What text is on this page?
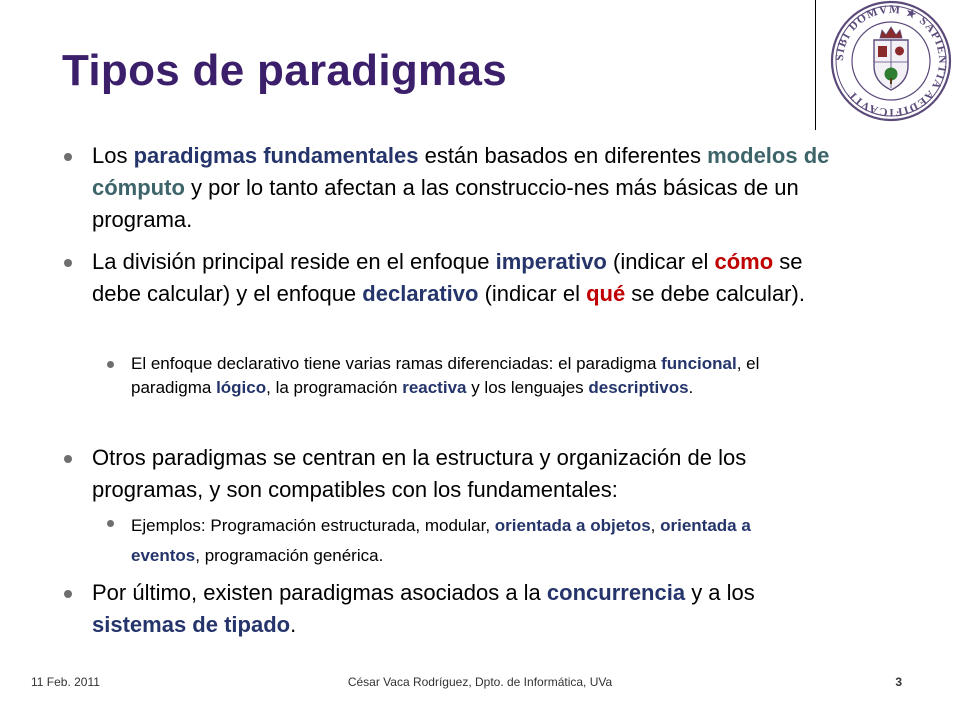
Tipos de paradigmas	SIBI DOMVM ★ SAPIENTIA AEDIFICAVIT

Los paradigmas fundamentales están basados en diferentes modelos de cómputo y por lo tanto afectan a las construccio-nes más básicas de un programa.

La división principal reside en el enfoque imperativo (indicar el cómo se debe calcular) y el enfoque declarativo (indicar el qué se debe calcular).

El enfoque declarativo tiene varias ramas diferenciadas: el paradigma funcional, el paradigma lógico, la programación reactiva y los lenguajes descriptivos.

Otros paradigmas se centran en la estructura y organización de los programas, y son compatibles con los fundamentales:

Ejemplos: Programación estructurada, modular, orientada a objetos, orientada a eventos, programación genérica.

Por último, existen paradigmas asociados a la concurrencia y a los sistemas de tipado.

11 Feb. 2011	César Vaca Rodríguez, Dpto. de Informática, UVa	3
